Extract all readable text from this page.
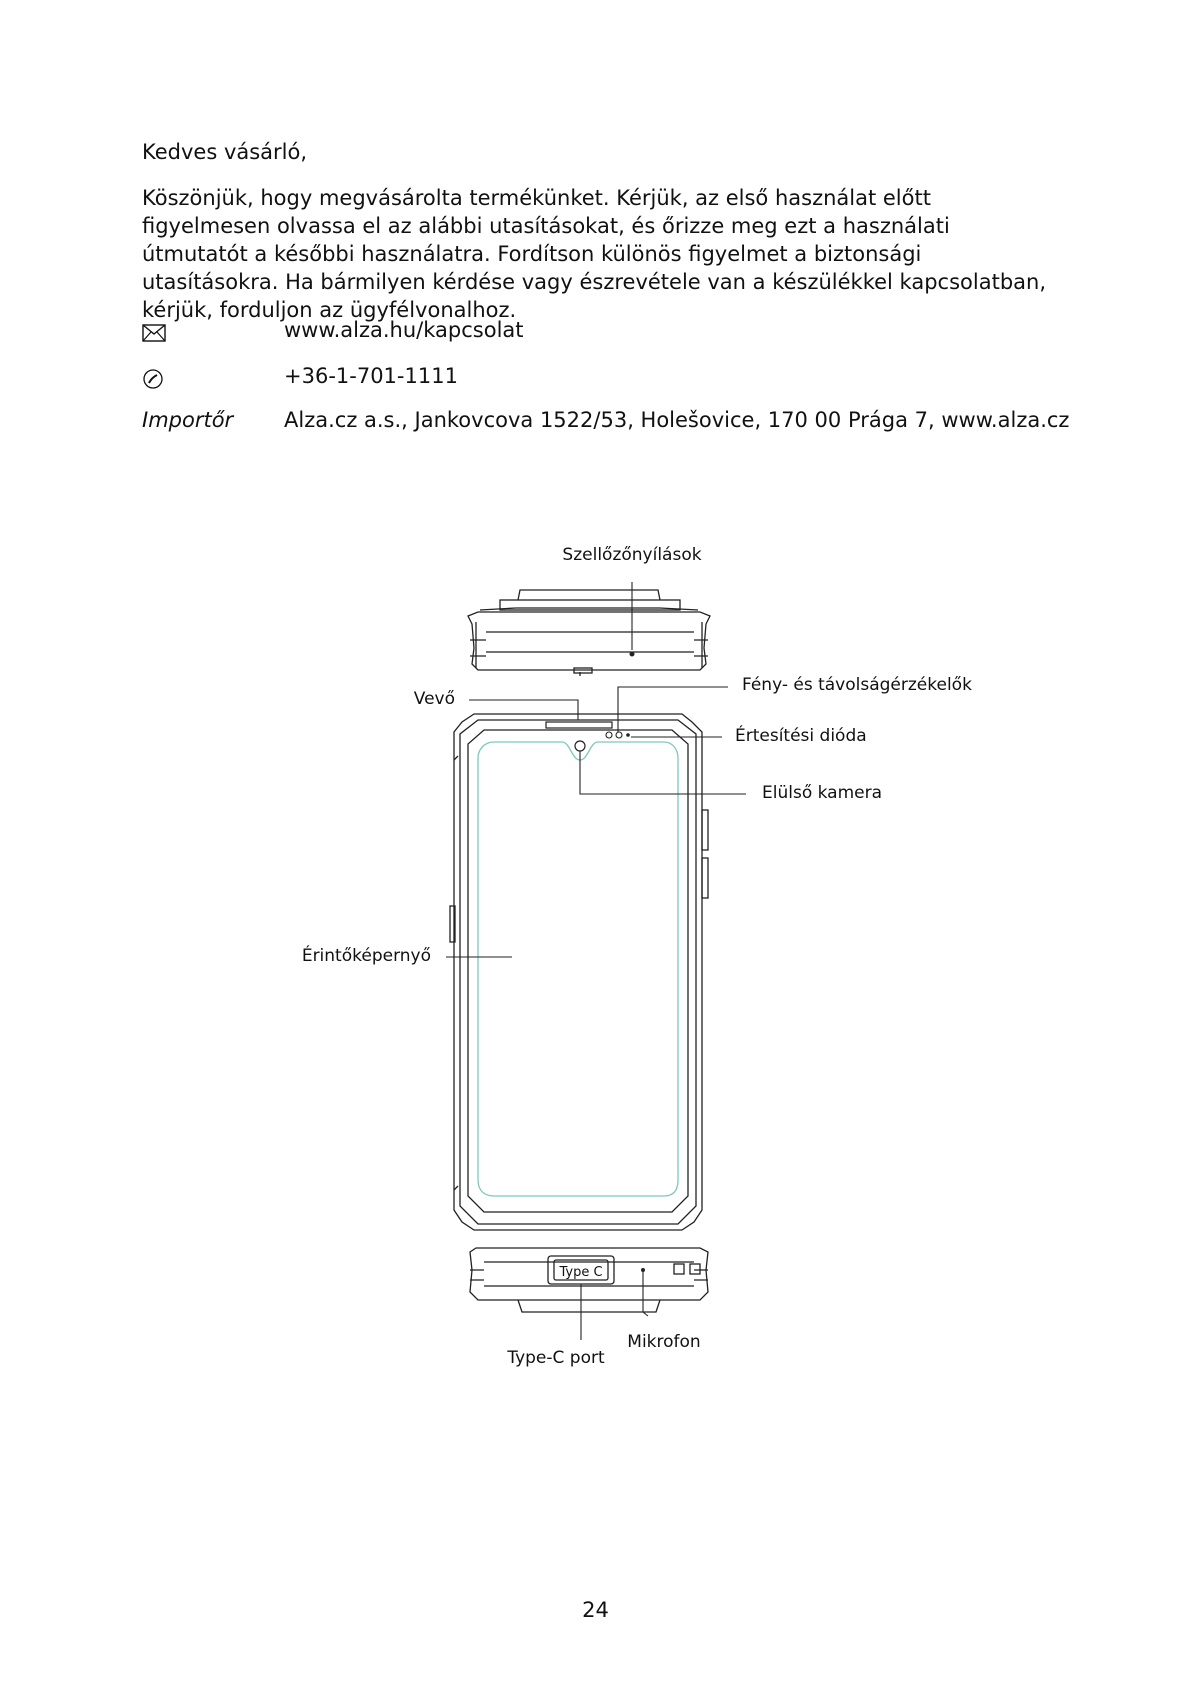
Kedves vásárló,

Köszönjük, hogy megvásárolta termékünket. Kérjük, az első használat előtt figyelmesen olvassa el az alábbi utasításokat, és őrizze meg ezt a használati útmutatót a későbbi használatra. Fordítson különös figyelmet a biztonsági utasításokra. Ha bármilyen kérdése vagy észrevétele van a készülékkel kapcsolatban, kérjük, forduljon az ügyfélvonalhoz.

www.alza.hu/kapcsolat
+36-1-701-1111
Importőr Alza.cz a.s., Jankovcova 1522/53, Holešovice, 170 00 Prága 7, www.alza.cz
Type C
Szellőzőnyílások
Vevő
Fény- és távolságérzékelők
Értesítési dióda
Elülső kamera
Érintőképernyő
Type-C port
Mikrofon
24
